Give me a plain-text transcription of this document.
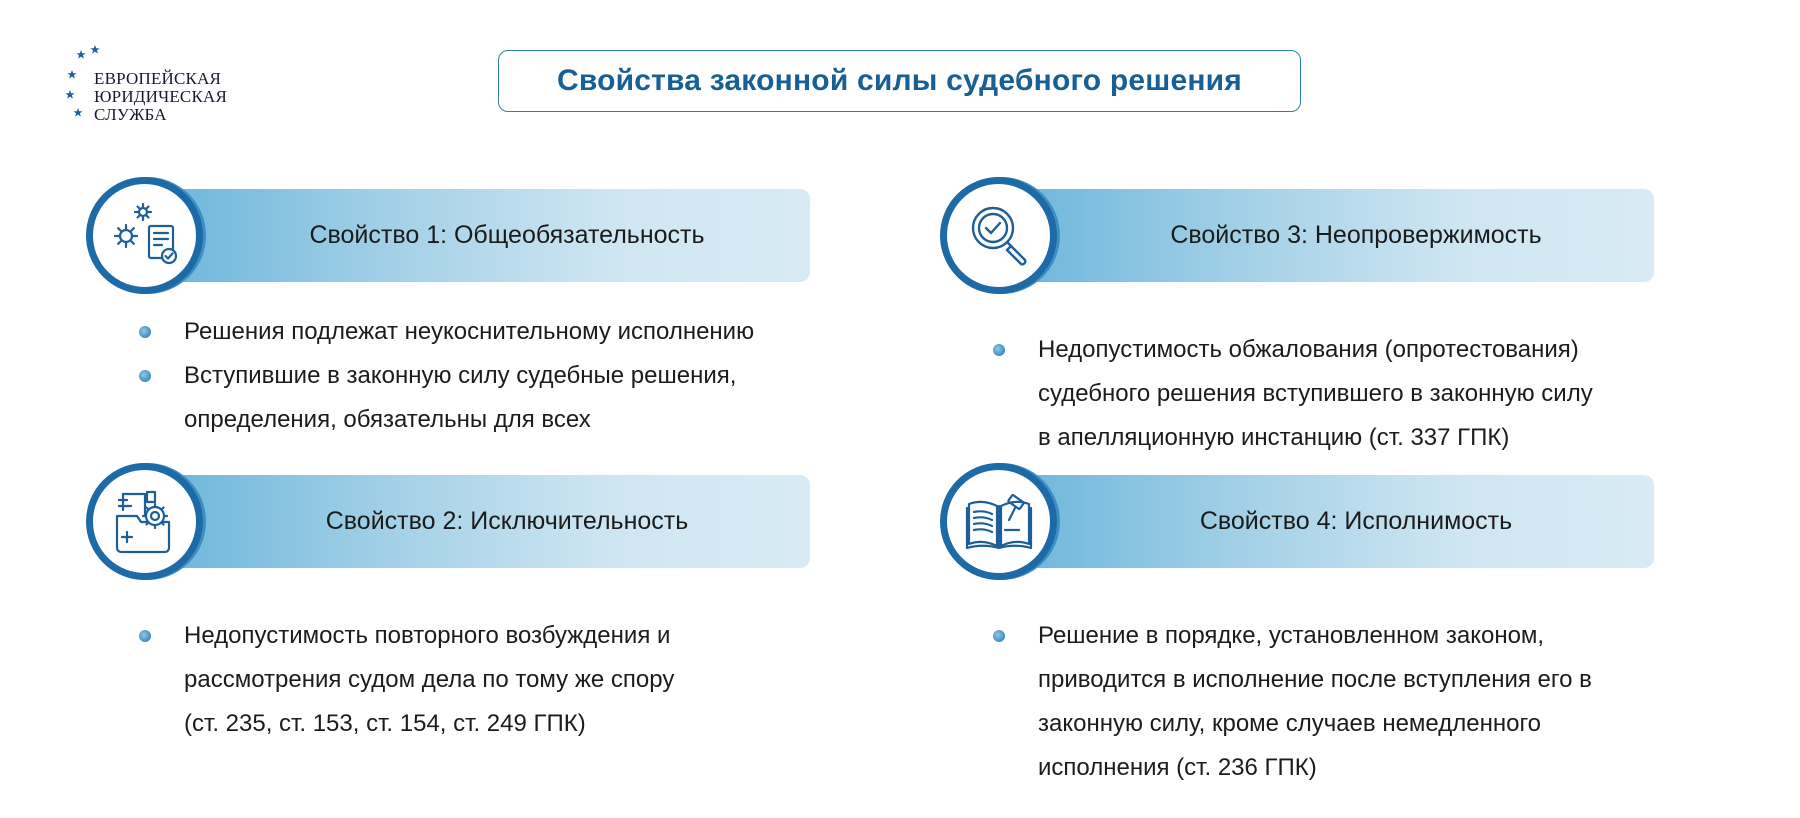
ЕВРОПЕЙСКАЯ
ЮРИДИЧЕСКАЯ
СЛУЖБА
Свойства законной силы судебного решения
Свойство 1: Общеобязательность
Решения подлежат неукоснительному исполнению
Вступившие в законную силу судебные решения,
определения, обязательны для всех
Свойство 2: Исключительность

Недопустимость повторного возбуждения и
рассмотрения судом дела по тому же спору
(ст. 235, ст. 153, ст. 154, ст. 249 ГПК)

Свойство 3: Неопровержимость

Недопустимость обжалования (опротестования)
судебного решения вступившего в законную силу
в апелляционную инстанцию (ст. 337 ГПК)

Свойство 4: Исполнимость

Решение в порядке, установленном законом,
приводится в исполнение после вступления его в
законную силу, кроме случаев немедленного
исполнения (ст. 236 ГПК)
